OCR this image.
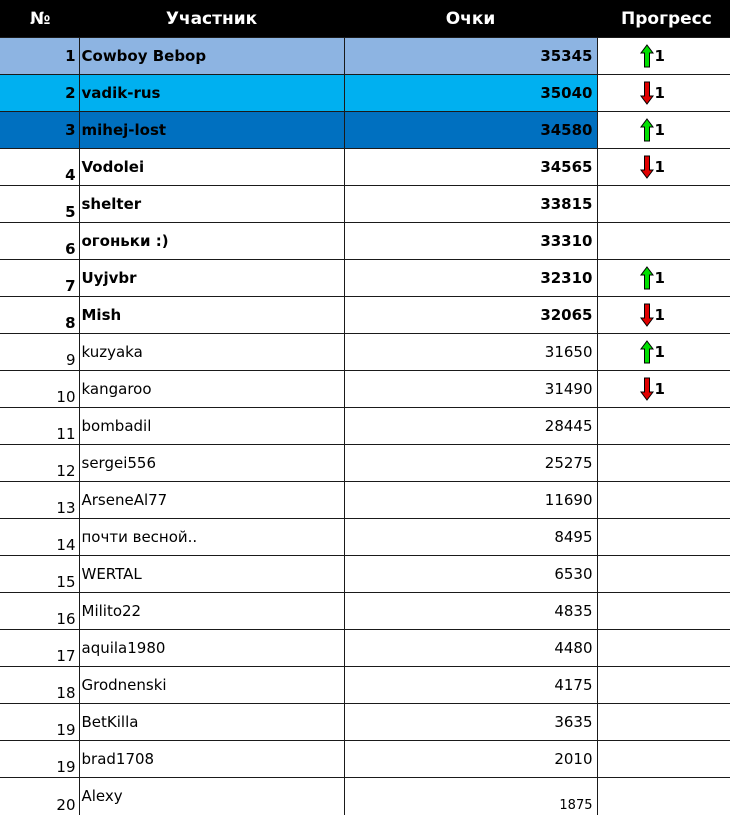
№	Участник	Очки	Прогресс
1	Cowboy Bebop	35345	1
2	vadik-rus	35040	1
3	mihej-lost	34580	1
4	Vodolei	34565	1
5	shelter	33815	
6	огоньки :)	33310	
7	Uyjvbr	32310	1
8	Mish	32065	1
9	kuzyaka	31650	1
10	kangaroo	31490	1
11	bombadil	28445	
12	sergei556	25275	
13	ArseneAl77	11690	
14	почти весной..	8495	
15	WERTAL	6530	
16	Milito22	4835	
17	aquila1980	4480	
18	Grodnenski	4175	
19	BetKilla	3635	
19	brad1708	2010	
20	Alexy	1875	
